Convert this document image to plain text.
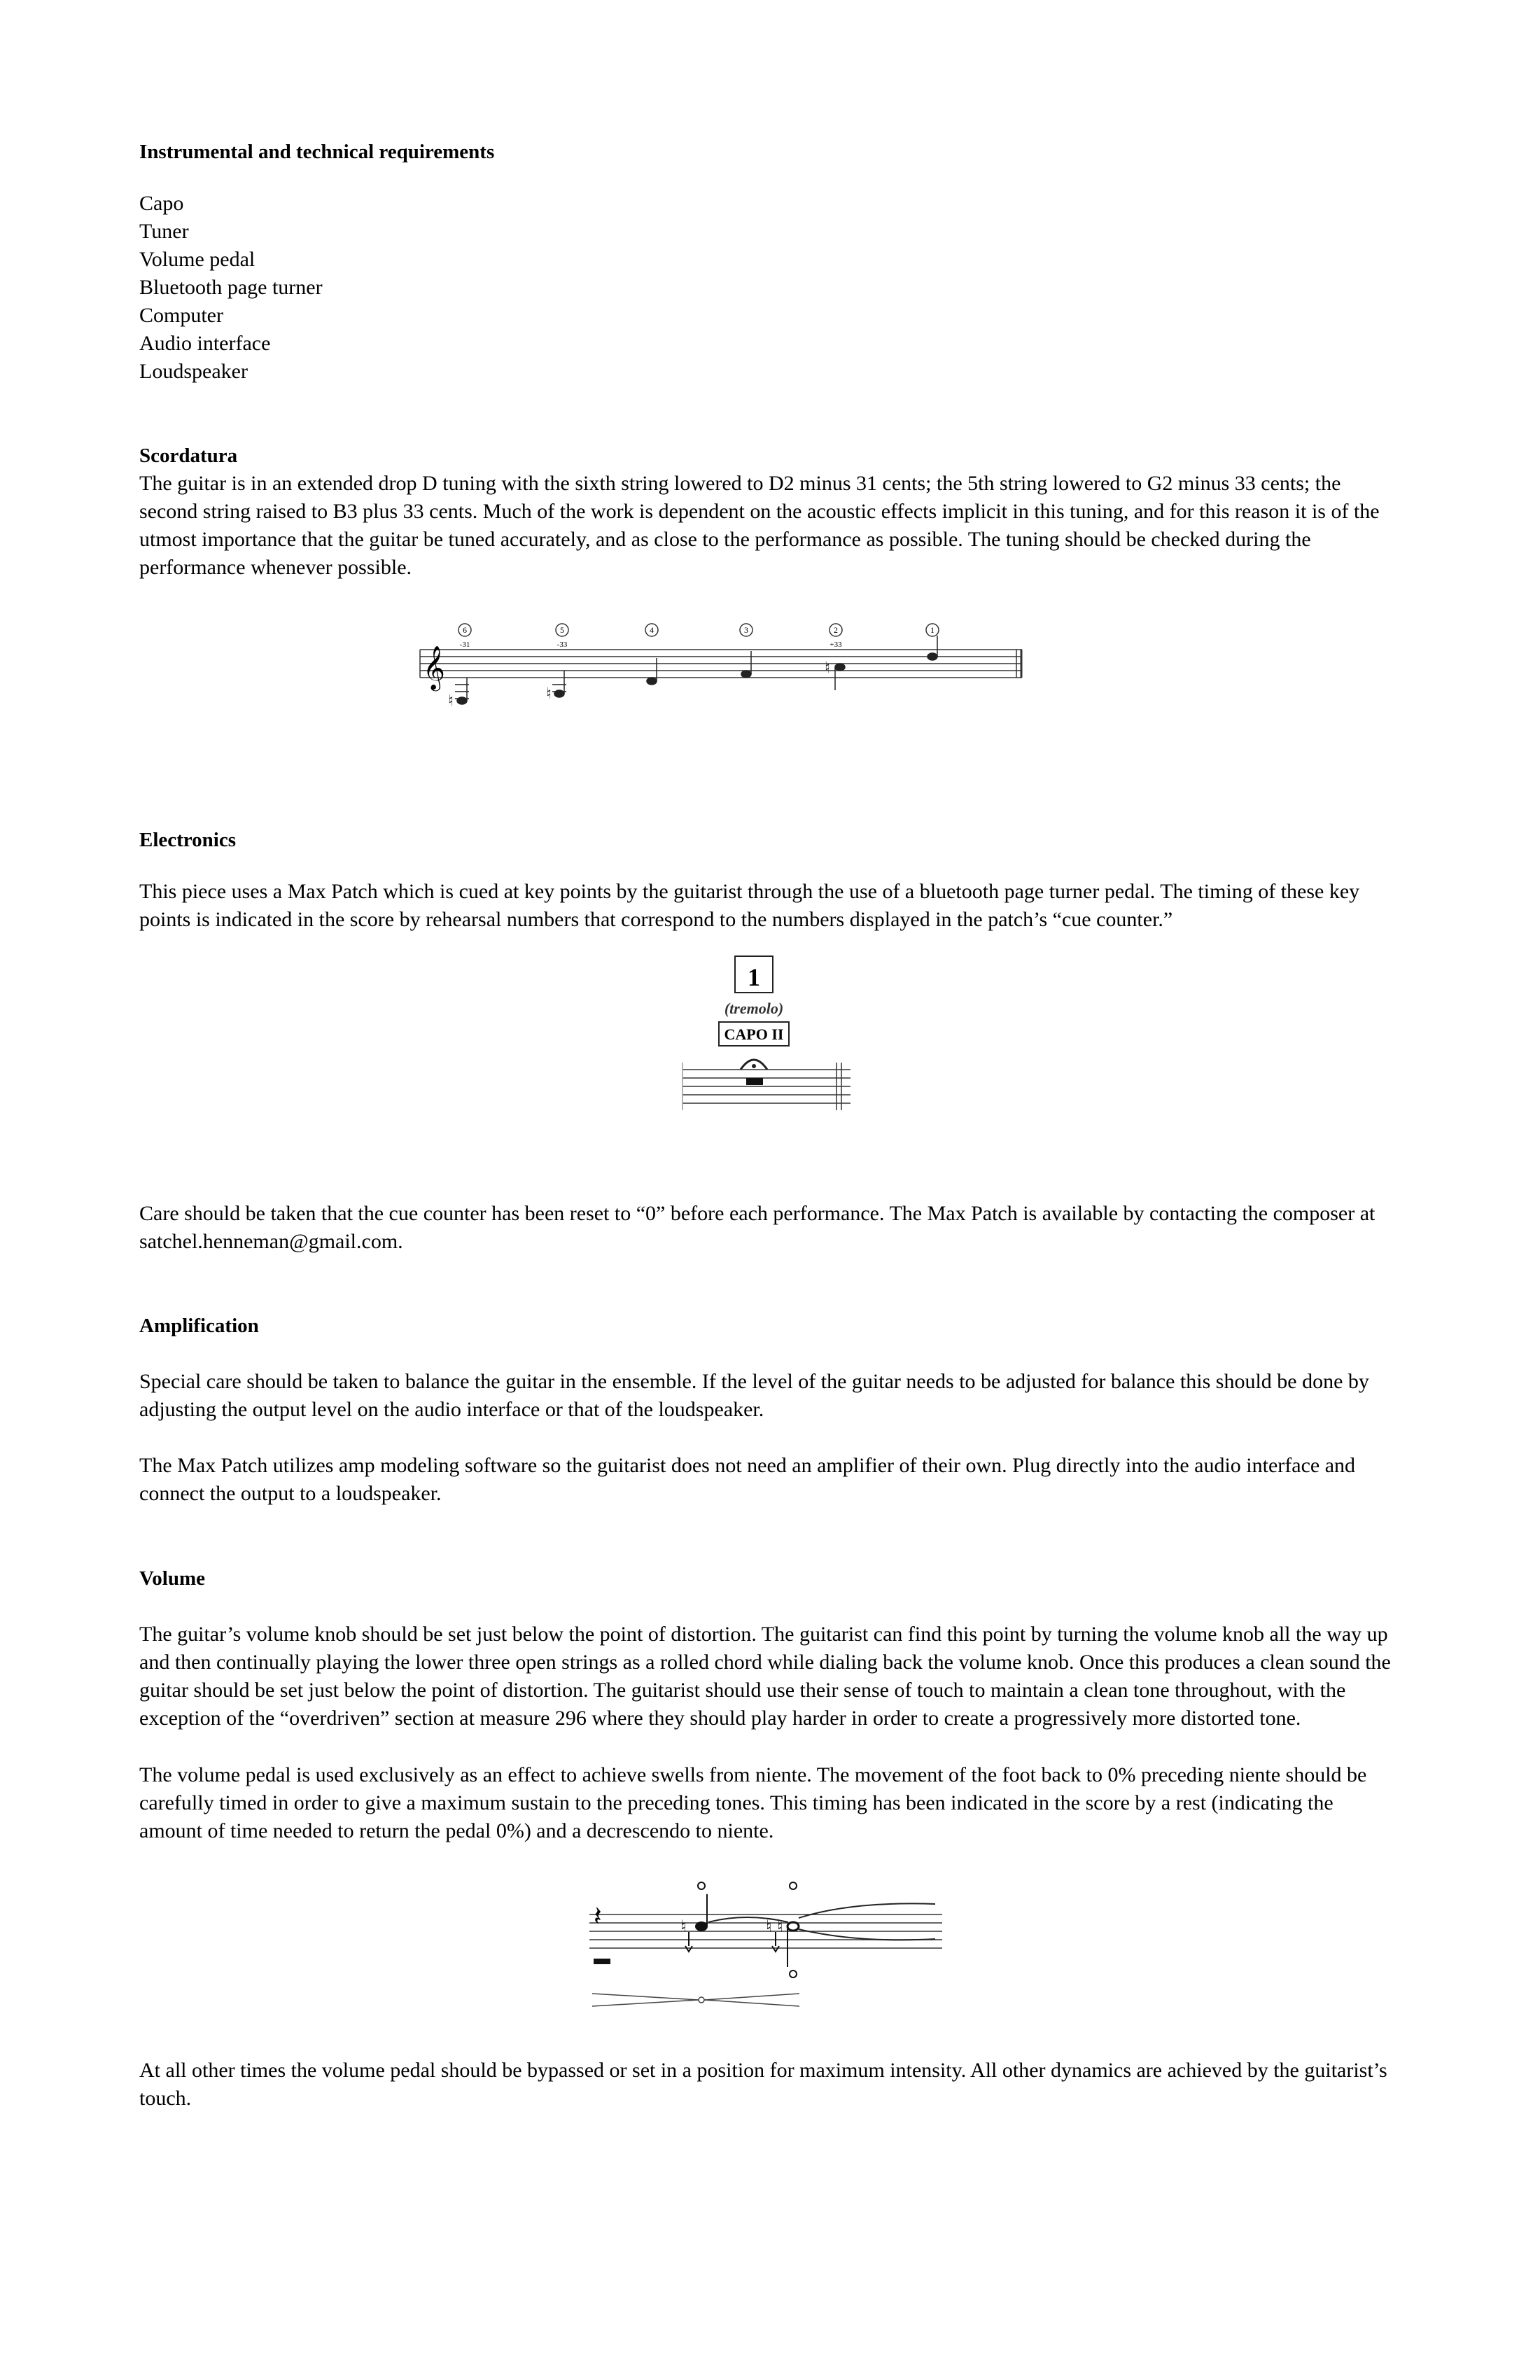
Instrumental and technical requirements
Capo
Tuner
Volume pedal
Bluetooth page turner
Computer
Audio interface
Loudspeaker
Scordatura
The guitar is in an extended drop D tuning with the sixth string lowered to D2 minus 31 cents; the 5th string lowered to G2 minus 33 cents; the second string raised to B3 plus 33 cents. Much of the work is dependent on the acoustic effects implicit in this tuning, and for this reason it is of the utmost importance that the guitar be tuned accurately, and as close to the performance as possible. The tuning should be checked during the performance whenever possible.
𝄞
6	5	4	3	2	1
-31	-33	+33
♮	♮
♮
Electronics
This piece uses a Max Patch which is cued at key points by the guitarist through the use of a bluetooth page turner pedal. The timing of these key points is indicated in the score by rehearsal numbers that correspond to the numbers displayed in the patch’s “cue counter.”
1
(tremolo)
CAPO II
Care should be taken that the cue counter has been reset to “0” before each performance. The Max Patch is available by contacting the composer at satchel.henneman@gmail.com.
Amplification
Special care should be taken to balance the guitar in the ensemble. If the level of the guitar needs to be adjusted for balance this should be done by adjusting the output level on the audio interface or that of the loudspeaker.
The Max Patch utilizes amp modeling software so the guitarist does not need an amplifier of their own. Plug directly into the audio interface and connect the output to a loudspeaker.
Volume
The guitar’s volume knob should be set just below the point of distortion. The guitarist can find this point by turning the volume knob all the way up and then continually playing the lower three open strings as a rolled chord while dialing back the volume knob. Once this produces a clean sound the guitar should be set just below the point of distortion. The guitarist should use their sense of touch to maintain a clean tone throughout, with the exception of the “overdriven” section at measure 296 where they should play harder in order to create a progressively more distorted tone.
The volume pedal is used exclusively as an effect to achieve swells from niente. The movement of the foot back to 0% preceding niente should be carefully timed in order to give a maximum sustain to the preceding tones. This timing has been indicated in the score by a rest (indicating the amount of time needed to return the pedal 0%) and a decrescendo to niente.
𝄽	♮	♮ ♮
At all other times the volume pedal should be bypassed or set in a position for maximum intensity. All other dynamics are achieved by the guitarist’s touch.
